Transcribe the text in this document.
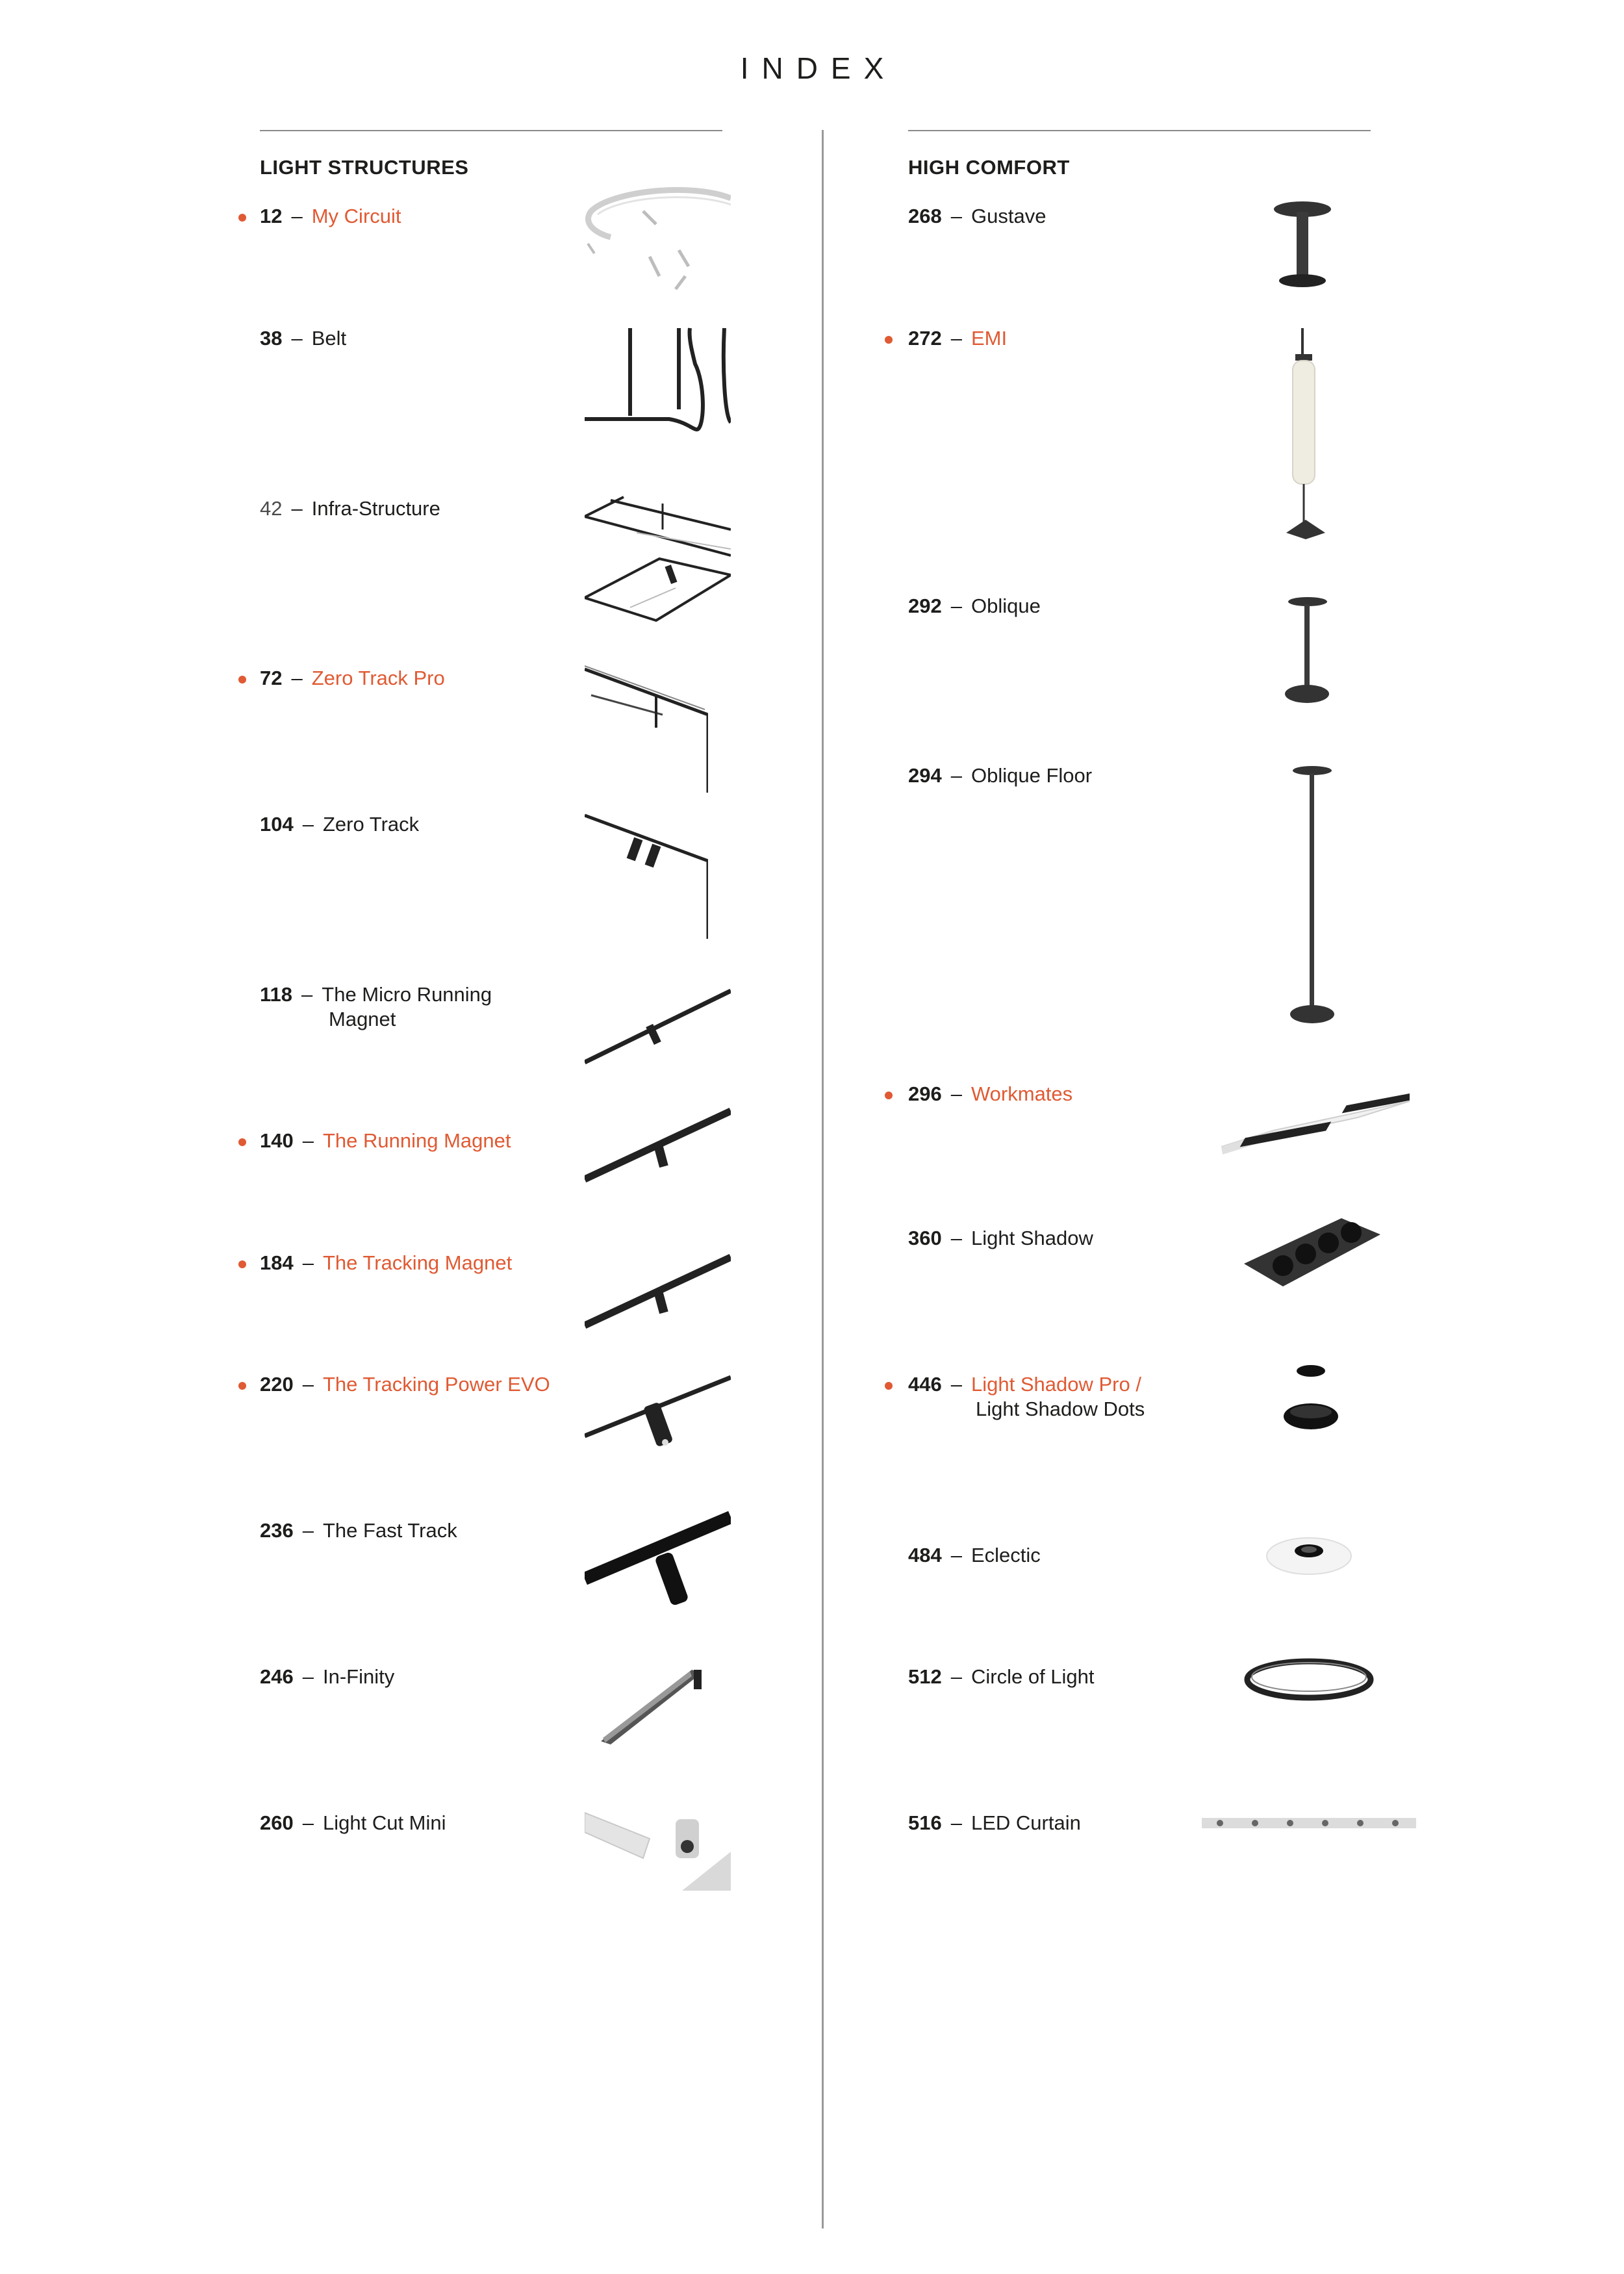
INDEX
LIGHT STRUCTURES	HIGH COMFORT
12 – My Circuit
38 – Belt
42 – Infra-Structure
72 – Zero Track Pro
104 – Zero Track
118 – The Micro Running
Magnet
140 – The Running Magnet
184 – The Tracking Magnet
220 – The Tracking Power EVO
236 – The Fast Track
246 – In-Finity
260 – Light Cut Mini
268 – Gustave
272 – EMI
292 – Oblique
294 – Oblique Floor
296 – Workmates
360 – Light Shadow
446 – Light Shadow Pro /
Light Shadow Dots
484 – Eclectic
512 – Circle of Light
516 – LED Curtain
